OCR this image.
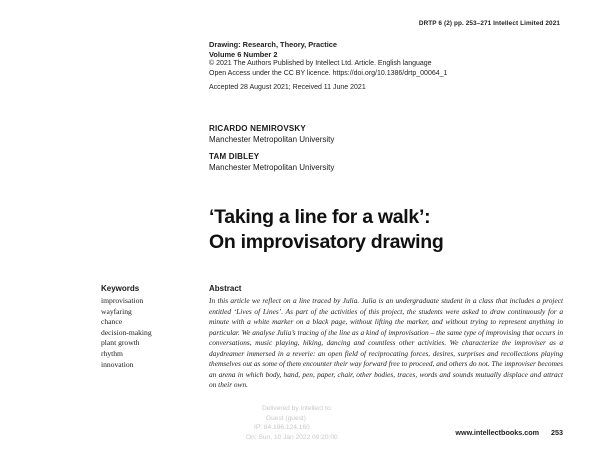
DRTP 6 (2) pp. 253–271 Intellect Limited 2021
Drawing: Research, Theory, Practice
Volume 6 Number 2
© 2021 The Authors Published by Intellect Ltd. Article. English language
Open Access under the CC BY licence. https://doi.org/10.1386/drtp_00064_1
Accepted 28 August 2021; Received 11 June 2021
RICARDO NEMIROVSKY
Manchester Metropolitan University
TAM DIBLEY
Manchester Metropolitan University
‘Taking a line for a walk’:
On improvisatory drawing
Keywords
improvisation
wayfaring
chance
decision-making
plant growth
rhythm
innovation
Abstract
In this article we reflect on a line traced by Julia. Julia is an undergraduate student in a class that includes a project entitled ‘Lives of Lines’. As part of the activities of this project, the students were asked to draw continuously for a minute with a white marker on a black page, without lifting the marker, and without trying to represent anything in particular. We analyse Julia’s tracing of the line as a kind of improvisation – the same type of improvising that occurs in conversations, music playing, hiking, dancing and countless other activities. We characterize the improviser as a daydreamer immersed in a reverie: an open field of reciprocating forces, desires, surprises and recollections playing themselves out as some of them encounter their way forward free to proceed, and others do not. The improviser becomes an arena in which body, hand, pen, paper, chair, other bodies, traces, words and sounds mutually displace and attract on their own.
Delivered by Intellect to:
Guest (guest)
IP: 84.196.124.160
On: Sun, 10 Jan 2022 09:20:00	www.intellectbooks.com 253
